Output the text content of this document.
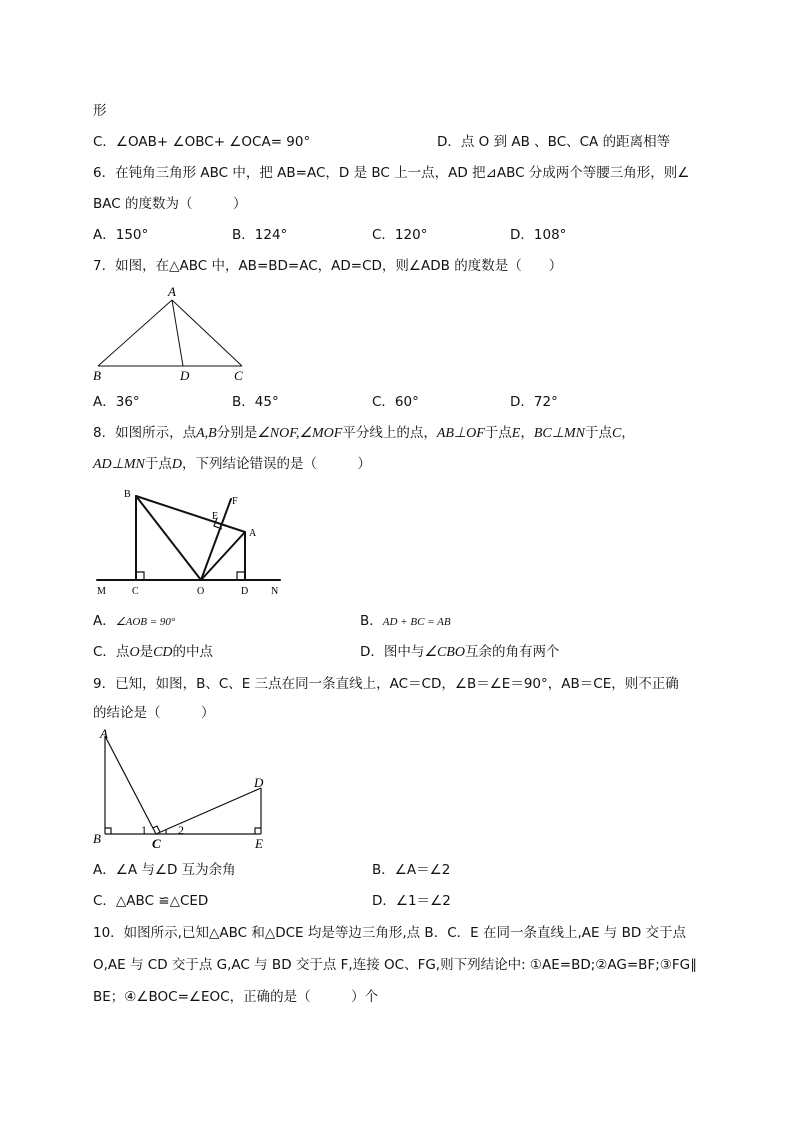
形
C．∠OAB+ ∠OBC+ ∠OCA= 90°	D．点 O 到 AB 、BC、CA 的距离相等
6．在钝角三角形 ABC 中，把 AB=AC，D 是 BC 上一点，AD 把⊿ABC 分成两个等腰三角形，则∠
BAC 的度数为（　　　）
A．150°	B．124°	C．120°	D．108°
7．如图，在△ABC 中，AB=BD=AC，AD=CD，则∠ADB 的度数是（　　）
A
B	D	C
A．36°	B．45°	C．60°	D．72°
8．如图所示，点A,B分别是∠NOF,∠MOF平分线上的点，AB⊥OF于点E，BC⊥MN于点C，
AD⊥MN于点D，下列结论错误的是（　　　）
B
F
E
A
M	C	O	D N
A．∠AOB = 90°	B．AD + BC = AB
C．点O是CD的中点	D．图中与∠CBO互余的角有两个
9．已知，如图，B、C、E 三点在同一条直线上，AC＝CD，∠B＝∠E＝90°，AB＝CE，则不正确
的结论是（　　　）
A
D
B
1	2
C	E
A．∠A 与∠D 互为余角	B．∠A＝∠2
C．△ABC ≌△CED	D．∠1＝∠2
10．如图所示,已知△ABC 和△DCE 均是等边三角形,点 B．C．E 在同一条直线上,AE 与 BD 交于点
O,AE 与 CD 交于点 G,AC 与 BD 交于点 F,连接 OC、FG,则下列结论中: ①AE=BD;②AG=BF;③FG∥
BE；④∠BOC=∠EOC，正确的是（　　　）个
